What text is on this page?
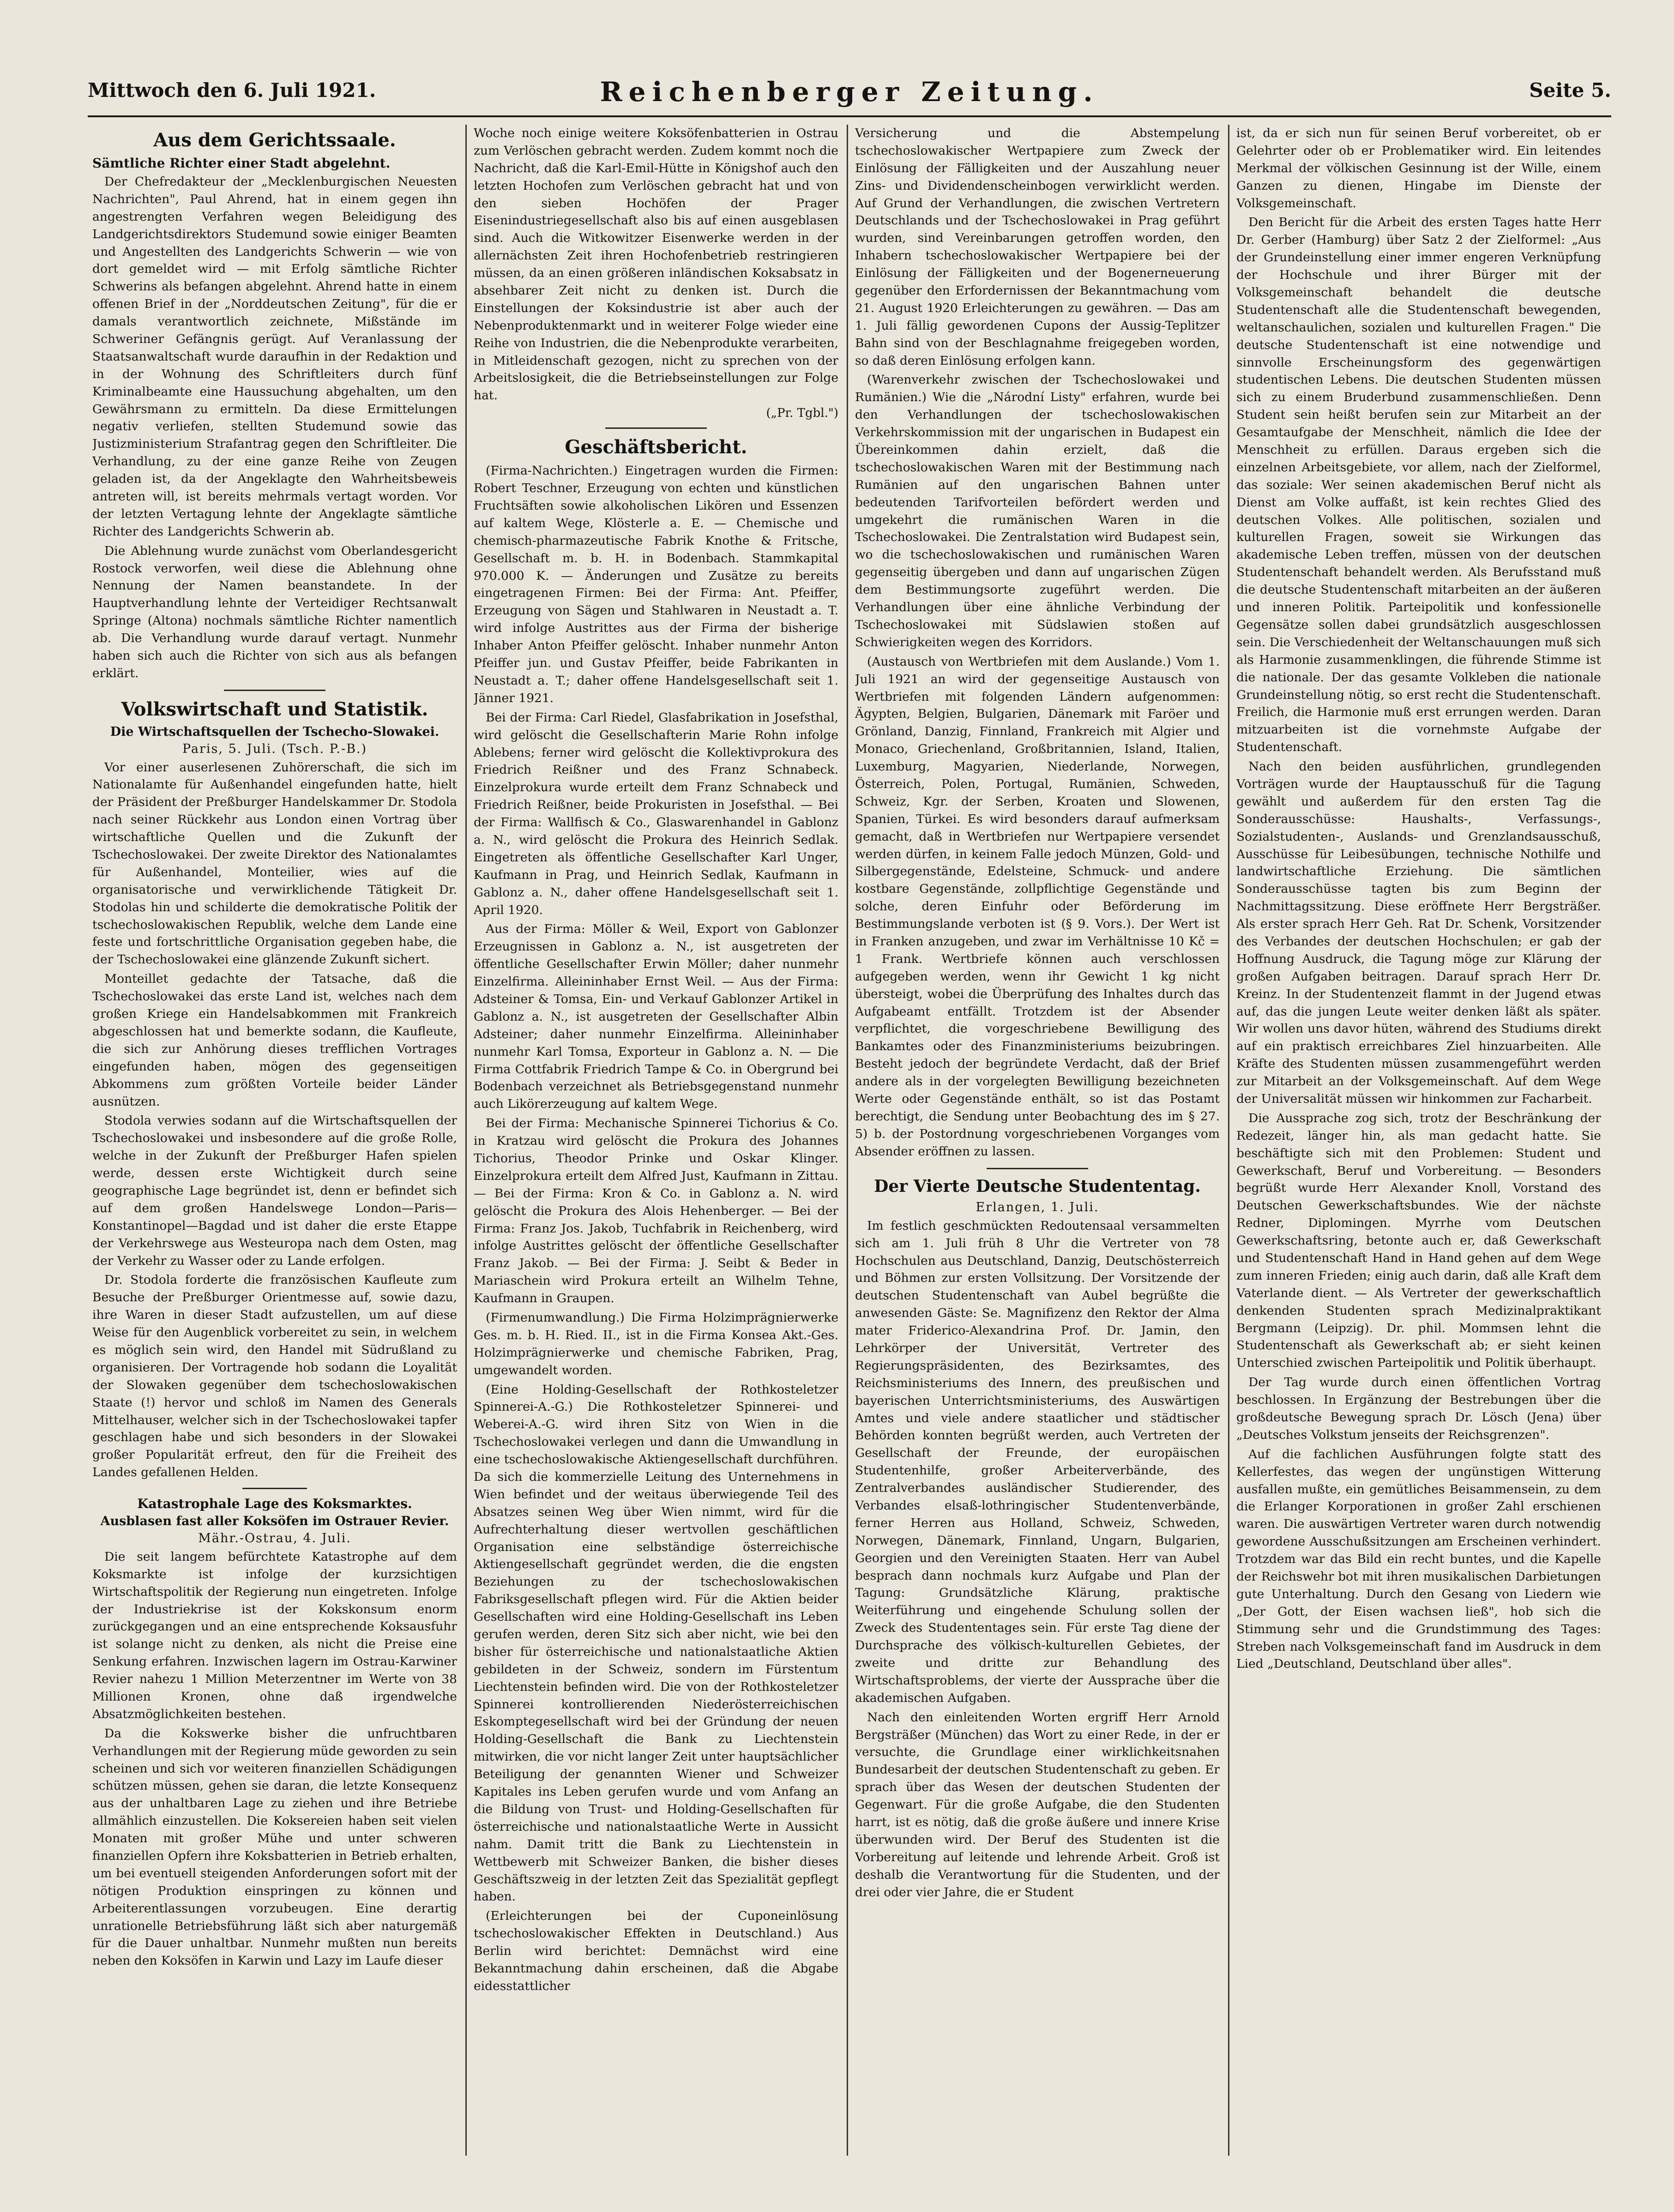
Mittwoch den 6. Juli 1921.	Reichenberger Zeitung.	Seite 5.
Aus dem Gerichtssaale.
Sämtliche Richter einer Stadt abgelehnt.

Der Chefredakteur der „Mecklenburgischen Neuesten Nachrichten", Paul Ahrend, hat in einem gegen ihn angestrengten Verfahren wegen Beleidigung des Landgerichtsdirektors Studemund sowie einiger Beamten und Angestellten des Landgerichts Schwerin — wie von dort gemeldet wird — mit Erfolg sämtliche Richter Schwerins als befangen abgelehnt. Ahrend hatte in einem offenen Brief in der „Norddeutschen Zeitung", für die er damals verantwortlich zeichnete, Mißstände im Schweriner Gefängnis gerügt. Auf Veranlassung der Staatsanwaltschaft wurde daraufhin in der Redaktion und in der Wohnung des Schriftleiters durch fünf Kriminalbeamte eine Haussuchung abgehalten, um den Gewährsmann zu ermitteln. Da diese Ermittelungen negativ verliefen, stellten Studemund sowie das Justizministerium Strafantrag gegen den Schriftleiter. Die Verhandlung, zu der eine ganze Reihe von Zeugen geladen ist, da der Angeklagte den Wahrheitsbeweis antreten will, ist bereits mehrmals vertagt worden. Vor der letzten Vertagung lehnte der Angeklagte sämtliche Richter des Landgerichts Schwerin ab.

Die Ablehnung wurde zunächst vom Oberlandesgericht Rostock verworfen, weil diese die Ablehnung ohne Nennung der Namen beanstandete. In der Hauptverhandlung lehnte der Verteidiger Rechtsanwalt Springe (Altona) nochmals sämtliche Richter namentlich ab. Die Verhandlung wurde darauf vertagt. Nunmehr haben sich auch die Richter von sich aus als befangen erklärt.

Volkswirtschaft und Statistik.
Die Wirtschaftsquellen der Tschecho-Slowakei.
Paris, 5. Juli. (Tsch. P.-B.)

Vor einer auserlesenen Zuhörerschaft, die sich im Nationalamte für Außenhandel eingefunden hatte, hielt der Präsident der Preßburger Handelskammer Dr. Stodola nach seiner Rückkehr aus London einen Vortrag über wirtschaftliche Quellen und die Zukunft der Tschechoslowakei. Der zweite Direktor des Nationalamtes für Außenhandel, Monteilier, wies auf die organisatorische und verwirklichende Tätigkeit Dr. Stodolas hin und schilderte die demokratische Politik der tschechoslowakischen Republik, welche dem Lande eine feste und fortschrittliche Organisation gegeben habe, die der Tschechoslowakei eine glänzende Zukunft sichert.

Monteillet gedachte der Tatsache, daß die Tschechoslowakei das erste Land ist, welches nach dem großen Kriege ein Handelsabkommen mit Frankreich abgeschlossen hat und bemerkte sodann, die Kaufleute, die sich zur Anhörung dieses trefflichen Vortrages eingefunden haben, mögen des gegenseitigen Abkommens zum größten Vorteile beider Länder ausnützen.

Stodola verwies sodann auf die Wirtschaftsquellen der Tschechoslowakei und insbesondere auf die große Rolle, welche in der Zukunft der Preßburger Hafen spielen werde, dessen erste Wichtigkeit durch seine geographische Lage begründet ist, denn er befindet sich auf dem großen Handelswege London—Paris—Konstantinopel—Bagdad und ist daher die erste Etappe der Verkehrswege aus Westeuropa nach dem Osten, mag der Verkehr zu Wasser oder zu Lande erfolgen.

Dr. Stodola forderte die französischen Kaufleute zum Besuche der Preßburger Orientmesse auf, sowie dazu, ihre Waren in dieser Stadt aufzustellen, um auf diese Weise für den Augenblick vorbereitet zu sein, in welchem es möglich sein wird, den Handel mit Südrußland zu organisieren. Der Vortragende hob sodann die Loyalität der Slowaken gegenüber dem tschechoslowakischen Staate (!) hervor und schloß im Namen des Generals Mittelhauser, welcher sich in der Tschechoslowakei tapfer geschlagen habe und sich besonders in der Slowakei großer Popularität erfreut, den für die Freiheit des Landes gefallenen Helden.

Katastrophale Lage des Koksmarktes.
Ausblasen fast aller Koksöfen im Ostrauer Revier.
Mähr.-Ostrau, 4. Juli.

Die seit langem befürchtete Katastrophe auf dem Koksmarkte ist infolge der kurzsichtigen Wirtschaftspolitik der Regierung nun eingetreten. Infolge der Industriekrise ist der Kokskonsum enorm zurückgegangen und an eine entsprechende Koksausfuhr ist solange nicht zu denken, als nicht die Preise eine Senkung erfahren. Inzwischen lagern im Ostrau-Karwiner Revier nahezu 1 Million Meterzentner im Werte von 38 Millionen Kronen, ohne daß irgendwelche Absatzmöglichkeiten bestehen.

Da die Kokswerke bisher die unfruchtbaren Verhandlungen mit der Regierung müde geworden zu sein scheinen und sich vor weiteren finanziellen Schädigungen schützen müssen, gehen sie daran, die letzte Konsequenz aus der unhaltbaren Lage zu ziehen und ihre Betriebe allmählich einzustellen. Die Koksereien haben seit vielen Monaten mit großer Mühe und unter schweren finanziellen Opfern ihre Koksbatterien in Betrieb erhalten, um bei eventuell steigenden Anforderungen sofort mit der nötigen Produktion einspringen zu können und Arbeiterentlassungen vorzubeugen. Eine derartig unrationelle Betriebsführung läßt sich aber naturgemäß für die Dauer unhaltbar. Nunmehr mußten nun bereits neben den Koksöfen in Karwin und Lazy im Laufe dieser

Woche noch einige weitere Koksöfenbatterien in Ostrau zum Verlöschen gebracht werden. Zudem kommt noch die Nachricht, daß die Karl-Emil-Hütte in Königshof auch den letzten Hochofen zum Verlöschen gebracht hat und von den sieben Hochöfen der Prager Eisenindustriegesellschaft also bis auf einen ausgeblasen sind. Auch die Witkowitzer Eisenwerke werden in der allernächsten Zeit ihren Hochofenbetrieb restringieren müssen, da an einen größeren inländischen Koksabsatz in absehbarer Zeit nicht zu denken ist. Durch die Einstellungen der Koksindustrie ist aber auch der Nebenproduktenmarkt und in weiterer Folge wieder eine Reihe von Industrien, die die Nebenprodukte verarbeiten, in Mitleidenschaft gezogen, nicht zu sprechen von der Arbeitslosigkeit, die die Betriebseinstellungen zur Folge hat.

(„Pr. Tgbl.")
Geschäftsbericht.

(Firma-Nachrichten.) Eingetragen wurden die Firmen: Robert Teschner, Erzeugung von echten und künstlichen Fruchtsäften sowie alkoholischen Likören und Essenzen auf kaltem Wege, Klösterle a. E. — Chemische und chemisch-pharmazeutische Fabrik Knothe & Fritsche, Gesellschaft m. b. H. in Bodenbach. Stammkapital 970.000 K. — Änderungen und Zusätze zu bereits eingetragenen Firmen: Bei der Firma: Ant. Pfeiffer, Erzeugung von Sägen und Stahlwaren in Neustadt a. T. wird infolge Austrittes aus der Firma der bisherige Inhaber Anton Pfeiffer gelöscht. Inhaber nunmehr Anton Pfeiffer jun. und Gustav Pfeiffer, beide Fabrikanten in Neustadt a. T.; daher offene Handelsgesellschaft seit 1. Jänner 1921.

Bei der Firma: Carl Riedel, Glasfabrikation in Josefsthal, wird gelöscht die Gesellschafterin Marie Rohn infolge Ablebens; ferner wird gelöscht die Kollektivprokura des Friedrich Reißner und des Franz Schnabeck. Einzelprokura wurde erteilt dem Franz Schnabeck und Friedrich Reißner, beide Prokuristen in Josefsthal. — Bei der Firma: Wallfisch & Co., Glaswarenhandel in Gablonz a. N., wird gelöscht die Prokura des Heinrich Sedlak. Eingetreten als öffentliche Gesellschafter Karl Unger, Kaufmann in Prag, und Heinrich Sedlak, Kaufmann in Gablonz a. N., daher offene Handelsgesellschaft seit 1. April 1920.

Aus der Firma: Möller & Weil, Export von Gablonzer Erzeugnissen in Gablonz a. N., ist ausgetreten der öffentliche Gesellschafter Erwin Möller; daher nunmehr Einzelfirma. Alleininhaber Ernst Weil. — Aus der Firma: Adsteiner & Tomsa, Ein- und Verkauf Gablonzer Artikel in Gablonz a. N., ist ausgetreten der Gesellschafter Albin Adsteiner; daher nunmehr Einzelfirma. Alleininhaber nunmehr Karl Tomsa, Exporteur in Gablonz a. N. — Die Firma Cottfabrik Friedrich Tampe & Co. in Obergrund bei Bodenbach verzeichnet als Betriebsgegenstand nunmehr auch Likörerzeugung auf kaltem Wege.

Bei der Firma: Mechanische Spinnerei Tichorius & Co. in Kratzau wird gelöscht die Prokura des Johannes Tichorius, Theodor Prinke und Oskar Klinger. Einzelprokura erteilt dem Alfred Just, Kaufmann in Zittau. — Bei der Firma: Kron & Co. in Gablonz a. N. wird gelöscht die Prokura des Alois Hehenberger. — Bei der Firma: Franz Jos. Jakob, Tuchfabrik in Reichenberg, wird infolge Austrittes gelöscht der öffentliche Gesellschafter Franz Jakob. — Bei der Firma: J. Seibt & Beder in Mariaschein wird Prokura erteilt an Wilhelm Tehne, Kaufmann in Graupen.

(Firmenumwandlung.) Die Firma Holzimprägnierwerke Ges. m. b. H. Ried. II., ist in die Firma Konsea Akt.-Ges. Holzimprägnierwerke und chemische Fabriken, Prag, umgewandelt worden.

(Eine Holding-Gesellschaft der Rothkosteletzer Spinnerei-A.-G.) Die Rothkosteletzer Spinnerei- und Weberei-A.-G. wird ihren Sitz von Wien in die Tschechoslowakei verlegen und dann die Umwandlung in eine tschechoslowakische Aktiengesellschaft durchführen. Da sich die kommerzielle Leitung des Unternehmens in Wien befindet und der weitaus überwiegende Teil des Absatzes seinen Weg über Wien nimmt, wird für die Aufrechterhaltung dieser wertvollen geschäftlichen Organisation eine selbständige österreichische Aktiengesellschaft gegründet werden, die die engsten Beziehungen zu der tschechoslowakischen Fabriksgesellschaft pflegen wird. Für die Aktien beider Gesellschaften wird eine Holding-Gesellschaft ins Leben gerufen werden, deren Sitz sich aber nicht, wie bei den bisher für österreichische und nationalstaatliche Aktien gebildeten in der Schweiz, sondern im Fürstentum Liechtenstein befinden wird. Die von der Rothkosteletzer Spinnerei kontrollierenden Niederösterreichischen Eskomptegesellschaft wird bei der Gründung der neuen Holding-Gesellschaft die Bank zu Liechtenstein mitwirken, die vor nicht langer Zeit unter hauptsächlicher Beteiligung der genannten Wiener und Schweizer Kapitales ins Leben gerufen wurde und vom Anfang an die Bildung von Trust- und Holding-Gesellschaften für österreichische und nationalstaatliche Werte in Aussicht nahm. Damit tritt die Bank zu Liechtenstein in Wettbewerb mit Schweizer Banken, die bisher dieses Geschäftszweig in der letzten Zeit das Spezialität gepflegt haben.

(Erleichterungen bei der Cuponeinlösung tschechoslowakischer Effekten in Deutschland.) Aus Berlin wird berichtet: Demnächst wird eine Bekanntmachung dahin erscheinen, daß die Abgabe eidesstattlicher

Versicherung und die Abstempelung tschechoslowakischer Wertpapiere zum Zweck der Einlösung der Fälligkeiten und der Auszahlung neuer Zins- und Dividendenscheinbogen verwirklicht werden. Auf Grund der Verhandlungen, die zwischen Vertretern Deutschlands und der Tschechoslowakei in Prag geführt wurden, sind Vereinbarungen getroffen worden, den Inhabern tschechoslowakischer Wertpapiere bei der Einlösung der Fälligkeiten und der Bogenerneuerung gegenüber den Erfordernissen der Bekanntmachung vom 21. August 1920 Erleichterungen zu gewähren. — Das am 1. Juli fällig gewordenen Cupons der Aussig-Teplitzer Bahn sind von der Beschlagnahme freigegeben worden, so daß deren Einlösung erfolgen kann.

(Warenverkehr zwischen der Tschechoslowakei und Rumänien.) Wie die „Národní Listy" erfahren, wurde bei den Verhandlungen der tschechoslowakischen Verkehrskommission mit der ungarischen in Budapest ein Übereinkommen dahin erzielt, daß die tschechoslowakischen Waren mit der Bestimmung nach Rumänien auf den ungarischen Bahnen unter bedeutenden Tarifvorteilen befördert werden und umgekehrt die rumänischen Waren in die Tschechoslowakei. Die Zentralstation wird Budapest sein, wo die tschechoslowakischen und rumänischen Waren gegenseitig übergeben und dann auf ungarischen Zügen dem Bestimmungsorte zugeführt werden. Die Verhandlungen über eine ähnliche Verbindung der Tschechoslowakei mit Südslawien stoßen auf Schwierigkeiten wegen des Korridors.

(Austausch von Wertbriefen mit dem Auslande.) Vom 1. Juli 1921 an wird der gegenseitige Austausch von Wertbriefen mit folgenden Ländern aufgenommen: Ägypten, Belgien, Bulgarien, Dänemark mit Faröer und Grönland, Danzig, Finnland, Frankreich mit Algier und Monaco, Griechenland, Großbritannien, Island, Italien, Luxemburg, Magyarien, Niederlande, Norwegen, Österreich, Polen, Portugal, Rumänien, Schweden, Schweiz, Kgr. der Serben, Kroaten und Slowenen, Spanien, Türkei. Es wird besonders darauf aufmerksam gemacht, daß in Wertbriefen nur Wertpapiere versendet werden dürfen, in keinem Falle jedoch Münzen, Gold- und Silbergegenstände, Edelsteine, Schmuck- und andere kostbare Gegenstände, zollpflichtige Gegenstände und solche, deren Einfuhr oder Beförderung im Bestimmungslande verboten ist (§ 9. Vors.). Der Wert ist in Franken anzugeben, und zwar im Verhältnisse 10 Kč = 1 Frank. Wertbriefe können auch verschlossen aufgegeben werden, wenn ihr Gewicht 1 kg nicht übersteigt, wobei die Überprüfung des Inhaltes durch das Aufgabeamt entfällt. Trotzdem ist der Absender verpflichtet, die vorgeschriebene Bewilligung des Bankamtes oder des Finanzministeriums beizubringen. Besteht jedoch der begründete Verdacht, daß der Brief andere als in der vorgelegten Bewilligung bezeichneten Werte oder Gegenstände enthält, so ist das Postamt berechtigt, die Sendung unter Beobachtung des im § 27. 5) b. der Postordnung vorgeschriebenen Vorganges vom Absender eröffnen zu lassen.

Der Vierte Deutsche Studententag.
Erlangen, 1. Juli.

Im festlich geschmückten Redoutensaal versammelten sich am 1. Juli früh 8 Uhr die Vertreter von 78 Hochschulen aus Deutschland, Danzig, Deutschösterreich und Böhmen zur ersten Vollsitzung. Der Vorsitzende der deutschen Studentenschaft van Aubel begrüßte die anwesenden Gäste: Se. Magnifizenz den Rektor der Alma mater Friderico-Alexandrina Prof. Dr. Jamin, den Lehrkörper der Universität, Vertreter des Regierungspräsidenten, des Bezirksamtes, des Reichsministeriums des Innern, des preußischen und bayerischen Unterrichtsministeriums, des Auswärtigen Amtes und viele andere staatlicher und städtischer Behörden konnten begrüßt werden, auch Vertreten der Gesellschaft der Freunde, der europäischen Studentenhilfe, großer Arbeiterverbände, des Zentralverbandes ausländischer Studierender, des Verbandes elsaß-lothringischer Studentenverbände, ferner Herren aus Holland, Schweiz, Schweden, Norwegen, Dänemark, Finnland, Ungarn, Bulgarien, Georgien und den Vereinigten Staaten. Herr van Aubel besprach dann nochmals kurz Aufgabe und Plan der Tagung: Grundsätzliche Klärung, praktische Weiterführung und eingehende Schulung sollen der Zweck des Studententages sein. Für erste Tag diene der Durchsprache des völkisch-kulturellen Gebietes, der zweite und dritte zur Behandlung des Wirtschaftsproblems, der vierte der Aussprache über die akademischen Aufgaben.

Nach den einleitenden Worten ergriff Herr Arnold Bergsträßer (München) das Wort zu einer Rede, in der er versuchte, die Grundlage einer wirklichkeitsnahen Bundesarbeit der deutschen Studentenschaft zu geben. Er sprach über das Wesen der deutschen Studenten der Gegenwart. Für die große Aufgabe, die den Studenten harrt, ist es nötig, daß die große äußere und innere Krise überwunden wird. Der Beruf des Studenten ist die Vorbereitung auf leitende und lehrende Arbeit. Groß ist deshalb die Verantwortung für die Studenten, und der drei oder vier Jahre, die er Student

ist, da er sich nun für seinen Beruf vorbereitet, ob er Gelehrter oder ob er Problematiker wird. Ein leitendes Merkmal der völkischen Gesinnung ist der Wille, einem Ganzen zu dienen, Hingabe im Dienste der Volksgemeinschaft.

Den Bericht für die Arbeit des ersten Tages hatte Herr Dr. Gerber (Hamburg) über Satz 2 der Zielformel: „Aus der Grundeinstellung einer immer engeren Verknüpfung der Hochschule und ihrer Bürger mit der Volksgemeinschaft behandelt die deutsche Studentenschaft alle die Studentenschaft bewegenden, weltanschaulichen, sozialen und kulturellen Fragen." Die deutsche Studentenschaft ist eine notwendige und sinnvolle Erscheinungsform des gegenwärtigen studentischen Lebens. Die deutschen Studenten müssen sich zu einem Bruderbund zusammenschließen. Denn Student sein heißt berufen sein zur Mitarbeit an der Gesamtaufgabe der Menschheit, nämlich die Idee der Menschheit zu erfüllen. Daraus ergeben sich die einzelnen Arbeitsgebiete, vor allem, nach der Zielformel, das soziale: Wer seinen akademischen Beruf nicht als Dienst am Volke auffaßt, ist kein rechtes Glied des deutschen Volkes. Alle politischen, sozialen und kulturellen Fragen, soweit sie Wirkungen das akademische Leben treffen, müssen von der deutschen Studentenschaft behandelt werden. Als Berufsstand muß die deutsche Studentenschaft mitarbeiten an der äußeren und inneren Politik. Parteipolitik und konfessionelle Gegensätze sollen dabei grundsätzlich ausgeschlossen sein. Die Verschiedenheit der Weltanschauungen muß sich als Harmonie zusammenklingen, die führende Stimme ist die nationale. Der das gesamte Volkleben die nationale Grundeinstellung nötig, so erst recht die Studentenschaft. Freilich, die Harmonie muß erst errungen werden. Daran mitzuarbeiten ist die vornehmste Aufgabe der Studentenschaft.

Nach den beiden ausführlichen, grundlegenden Vorträgen wurde der Hauptausschuß für die Tagung gewählt und außerdem für den ersten Tag die Sonderausschüsse: Haushalts-, Verfassungs-, Sozialstudenten-, Auslands- und Grenzlandsausschuß, Ausschüsse für Leibesübungen, technische Nothilfe und landwirtschaftliche Erziehung. Die sämtlichen Sonderausschüsse tagten bis zum Beginn der Nachmittagssitzung. Diese eröffnete Herr Bergsträßer. Als erster sprach Herr Geh. Rat Dr. Schenk, Vorsitzender des Verbandes der deutschen Hochschulen; er gab der Hoffnung Ausdruck, die Tagung möge zur Klärung der großen Aufgaben beitragen. Darauf sprach Herr Dr. Kreinz. In der Studentenzeit flammt in der Jugend etwas auf, das die jungen Leute weiter denken läßt als später. Wir wollen uns davor hüten, während des Studiums direkt auf ein praktisch erreichbares Ziel hinzuarbeiten. Alle Kräfte des Studenten müssen zusammengeführt werden zur Mitarbeit an der Volksgemeinschaft. Auf dem Wege der Universalität müssen wir hinkommen zur Facharbeit.

Die Aussprache zog sich, trotz der Beschränkung der Redezeit, länger hin, als man gedacht hatte. Sie beschäftigte sich mit den Problemen: Student und Gewerkschaft, Beruf und Vorbereitung. — Besonders begrüßt wurde Herr Alexander Knoll, Vorstand des Deutschen Gewerkschaftsbundes. Wie der nächste Redner, Diplomingen. Myrrhe vom Deutschen Gewerkschaftsring, betonte auch er, daß Gewerkschaft und Studentenschaft Hand in Hand gehen auf dem Wege zum inneren Frieden; einig auch darin, daß alle Kraft dem Vaterlande dient. — Als Vertreter der gewerkschaftlich denkenden Studenten sprach Medizinalpraktikant Bergmann (Leipzig). Dr. phil. Mommsen lehnt die Studentenschaft als Gewerkschaft ab; er sieht keinen Unterschied zwischen Parteipolitik und Politik überhaupt.

Der Tag wurde durch einen öffentlichen Vortrag beschlossen. In Ergänzung der Bestrebungen über die großdeutsche Bewegung sprach Dr. Lösch (Jena) über „Deutsches Volkstum jenseits der Reichsgrenzen".

Auf die fachlichen Ausführungen folgte statt des Kellerfestes, das wegen der ungünstigen Witterung ausfallen mußte, ein gemütliches Beisammensein, zu dem die Erlanger Korporationen in großer Zahl erschienen waren. Die auswärtigen Vertreter waren durch notwendig gewordene Ausschußsitzungen am Erscheinen verhindert. Trotzdem war das Bild ein recht buntes, und die Kapelle der Reichswehr bot mit ihren musikalischen Darbietungen gute Unterhaltung. Durch den Gesang von Liedern wie „Der Gott, der Eisen wachsen ließ", hob sich die Stimmung sehr und die Grundstimmung des Tages: Streben nach Volksgemeinschaft fand im Ausdruck in dem Lied „Deutschland, Deutschland über alles".
